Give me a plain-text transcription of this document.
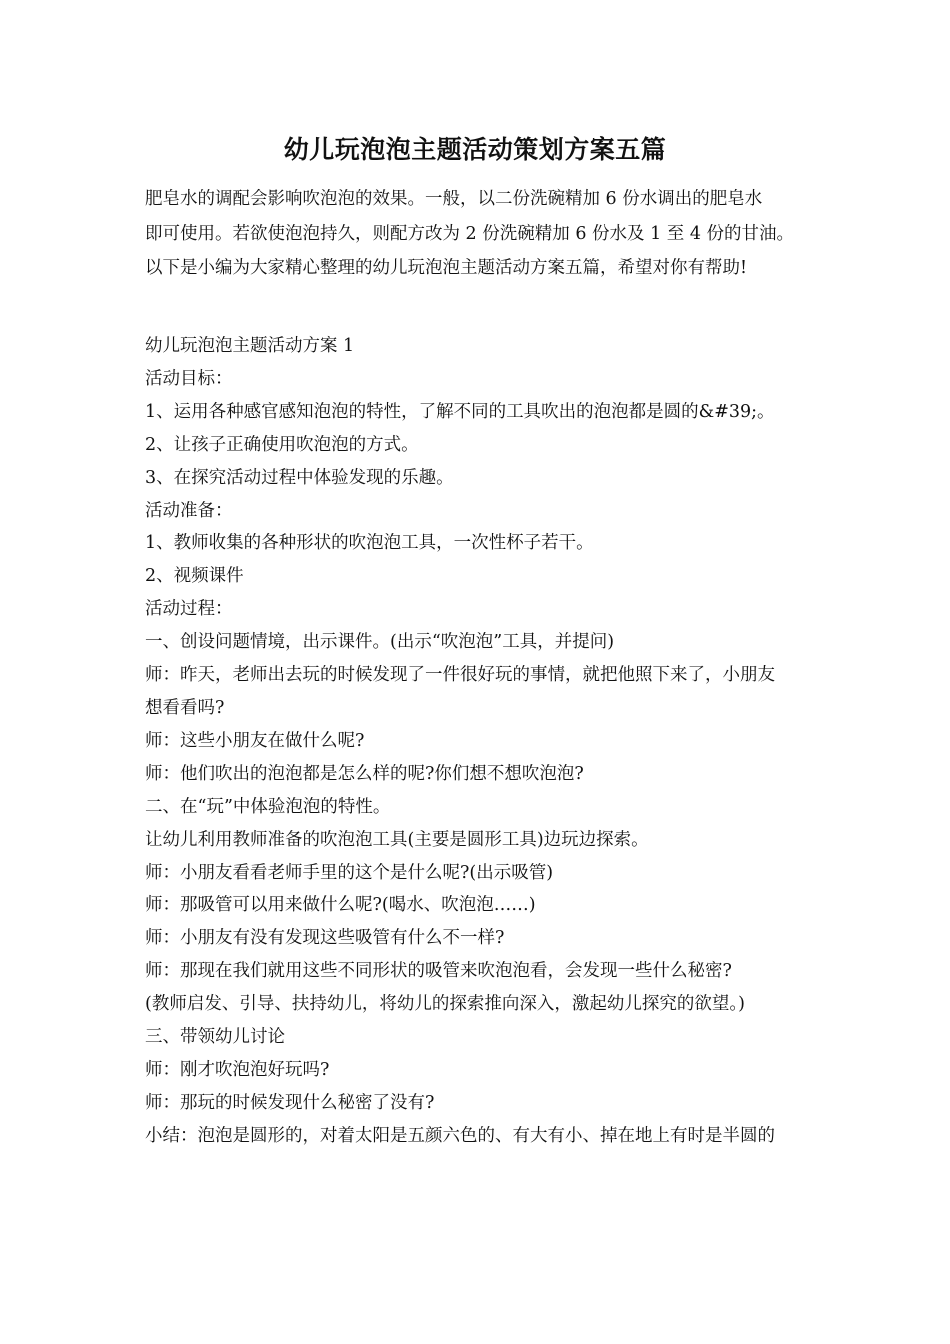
幼儿玩泡泡主题活动策划方案五篇

肥皂水的调配会影响吹泡泡的效果。一般，以二份洗碗精加 6 份水调出的肥皂水

即可使用。若欲使泡泡持久，则配方改为 2 份洗碗精加 6 份水及 1 至 4 份的甘油。

以下是小编为大家精心整理的幼儿玩泡泡主题活动方案五篇，希望对你有帮助!

幼儿玩泡泡主题活动方案 1

活动目标：

1、运用各种感官感知泡泡的特性，了解不同的工具吹出的泡泡都是圆的&#39;。

2、让孩子正确使用吹泡泡的方式。

3、在探究活动过程中体验发现的乐趣。

活动准备：

1、教师收集的各种形状的吹泡泡工具，一次性杯子若干。

2、视频课件

活动过程：

一、创设问题情境，出示课件。(出示“吹泡泡”工具，并提问)

师：昨天，老师出去玩的时候发现了一件很好玩的事情，就把他照下来了，小朋友

想看看吗?

师：这些小朋友在做什么呢?

师：他们吹出的泡泡都是怎么样的呢?你们想不想吹泡泡?

二、在“玩”中体验泡泡的特性。

让幼儿利用教师准备的吹泡泡工具(主要是圆形工具)边玩边探索。

师：小朋友看看老师手里的这个是什么呢?(出示吸管)

师：那吸管可以用来做什么呢?(喝水、吹泡泡……)

师：小朋友有没有发现这些吸管有什么不一样?

师：那现在我们就用这些不同形状的吸管来吹泡泡看，会发现一些什么秘密?

(教师启发、引导、扶持幼儿，将幼儿的探索推向深入，激起幼儿探究的欲望。)

三、带领幼儿讨论

师：刚才吹泡泡好玩吗?

师：那玩的时候发现什么秘密了没有?

小结：泡泡是圆形的，对着太阳是五颜六色的、有大有小、掉在地上有时是半圆的
